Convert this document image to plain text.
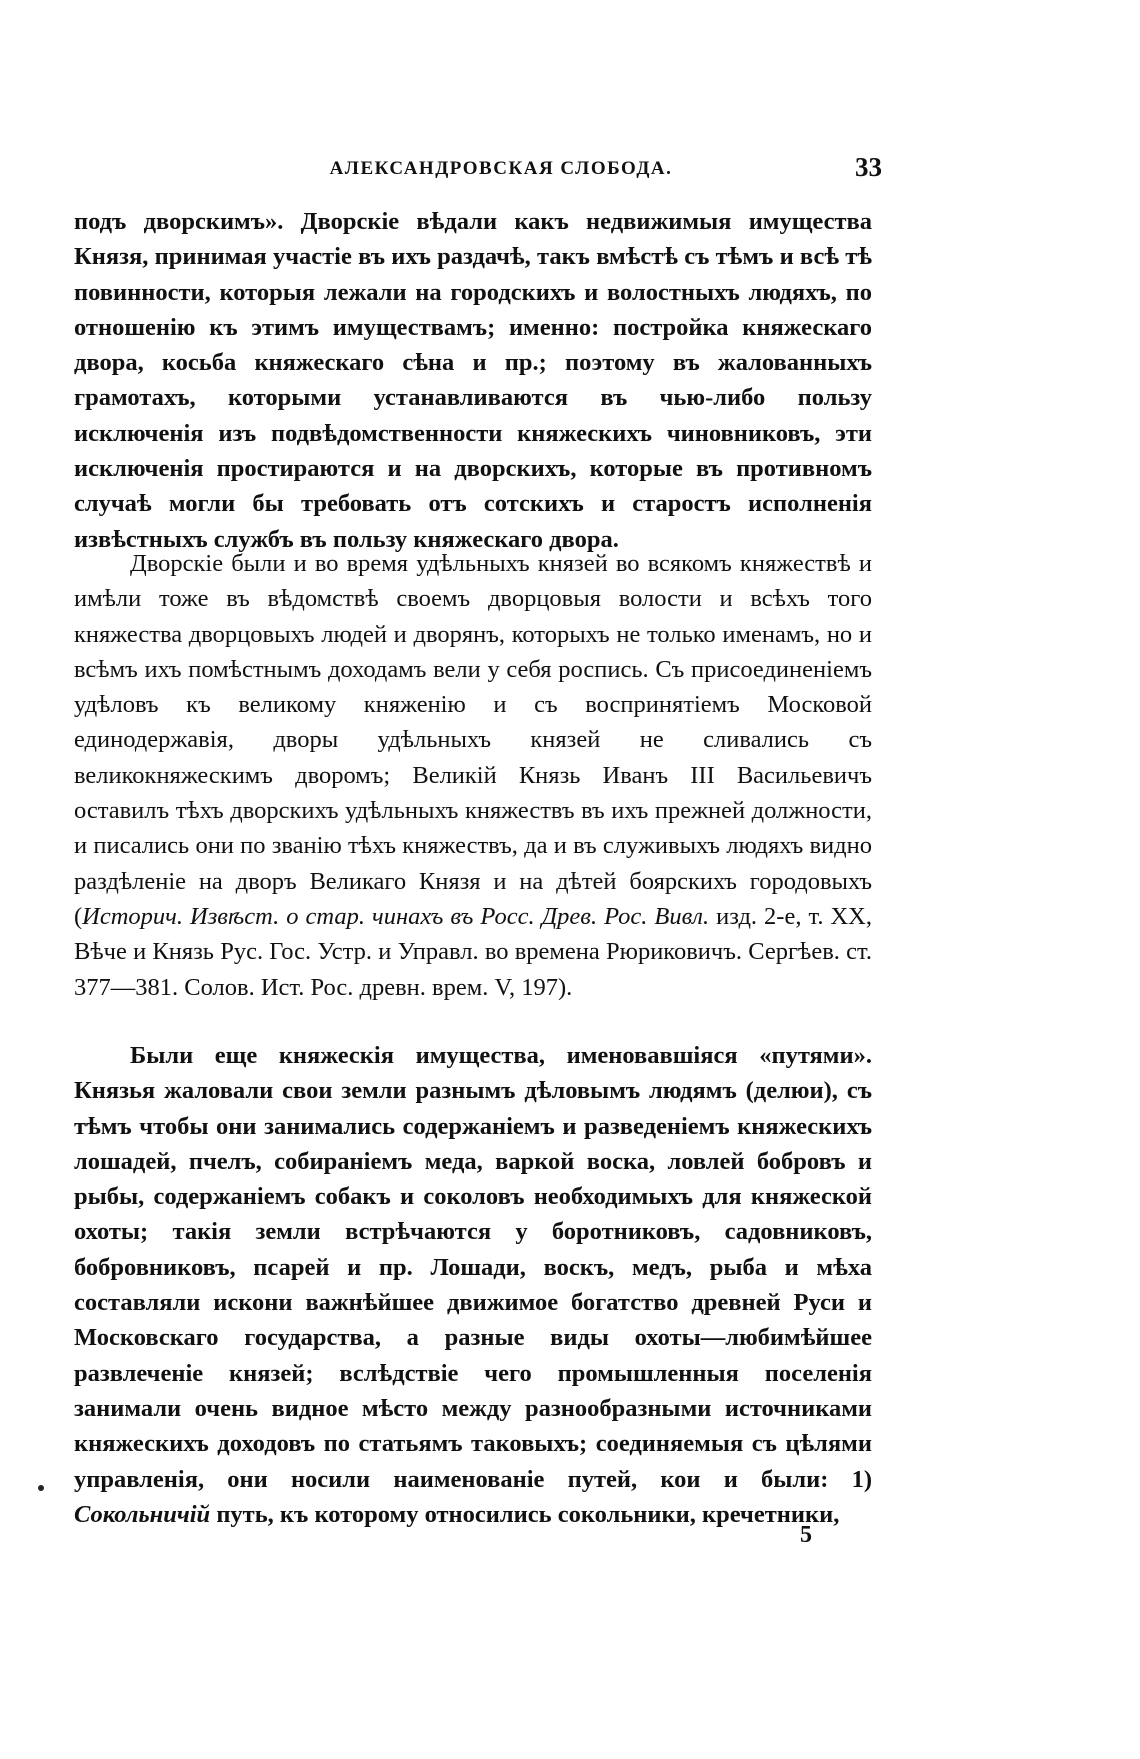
АЛЕКСАНДРОВСКАЯ СЛОБОДА.	33

подъ дворскимъ». Дворскіе вѣдали какъ недвижимыя имущества Князя, принимая участіе въ ихъ раздачѣ, такъ вмѣстѣ съ тѣмъ и всѣ тѣ повинности, которыя лежали на городскихъ и волостныхъ людяхъ, по отношенію къ этимъ имуществамъ; именно: постройка княжескаго двора, косьба княжескаго сѣна и пр.; поэтому въ жалованныхъ грамотахъ, которыми устанавливаются въ чью-либо пользу исключенія изъ подвѣдомственности княжескихъ чиновниковъ, эти исключенія простираются и на дворскихъ, которые въ противномъ случаѣ могли бы требовать отъ сотскихъ и старостъ исполненія извѣстныхъ службъ въ пользу княжескаго двора.

Дворскіе были и во время удѣльныхъ князей во всякомъ княжествѣ и имѣли тоже въ вѣдомствѣ своемъ дворцовыя волости и всѣхъ того княжества дворцовыхъ людей и дворянъ, которыхъ не только именамъ, но и всѣмъ ихъ помѣстнымъ доходамъ вели у себя роспись. Съ присоединеніемъ удѣловъ къ великому княженію и съ воспринятіемъ Московой единодержавія, дворы удѣльныхъ князей не сливались съ великокняжескимъ дворомъ; Великій Князь Иванъ III Васильевичъ оставилъ тѣхъ дворскихъ удѣльныхъ княжествъ въ ихъ прежней должности, и писались они по званію тѣхъ княжествъ, да и въ служивыхъ людяхъ видно раздѣленіе на дворъ Великаго Князя и на дѣтей боярскихъ городовыхъ (Историч. Извѣст. о стар. чинахъ въ Росс. Древ. Рос. Вивл. изд. 2-е, т. XX, Вѣче и Князь Рус. Гос. Устр. и Управл. во времена Рюриковичъ. Сергѣев. ст. 377—381. Солов. Ист. Рос. древн. врем. V, 197).

Были еще княжескія имущества, именовавшіяся «путями». Князья жаловали свои земли разнымъ дѣловымъ людямъ (делюи), съ тѣмъ чтобы они занимались содержаніемъ и разведеніемъ княжескихъ лошадей, пчелъ, собираніемъ меда, варкой воска, ловлей бобровъ и рыбы, содержаніемъ собакъ и соколовъ необходимыхъ для княжеской охоты; такія земли встрѣчаются у боротниковъ, садовниковъ, бобровниковъ, псарей и пр. Лошади, воскъ, медъ, рыба и мѣха составляли искони важнѣйшее движимое богатство древней Руси и Московскаго государства, а разные виды охоты—любимѣйшее развлеченіе князей; вслѣдствіе чего промышленныя поселенія занимали очень видное мѣсто между разнообразными источниками княжескихъ доходовъ по статьямъ таковыхъ; соединяемыя съ цѣлями управленія, они носили наименованіе путей, кои и были: 1) Сокольничій путь, къ которому относились сокольники, кречетники,

5
